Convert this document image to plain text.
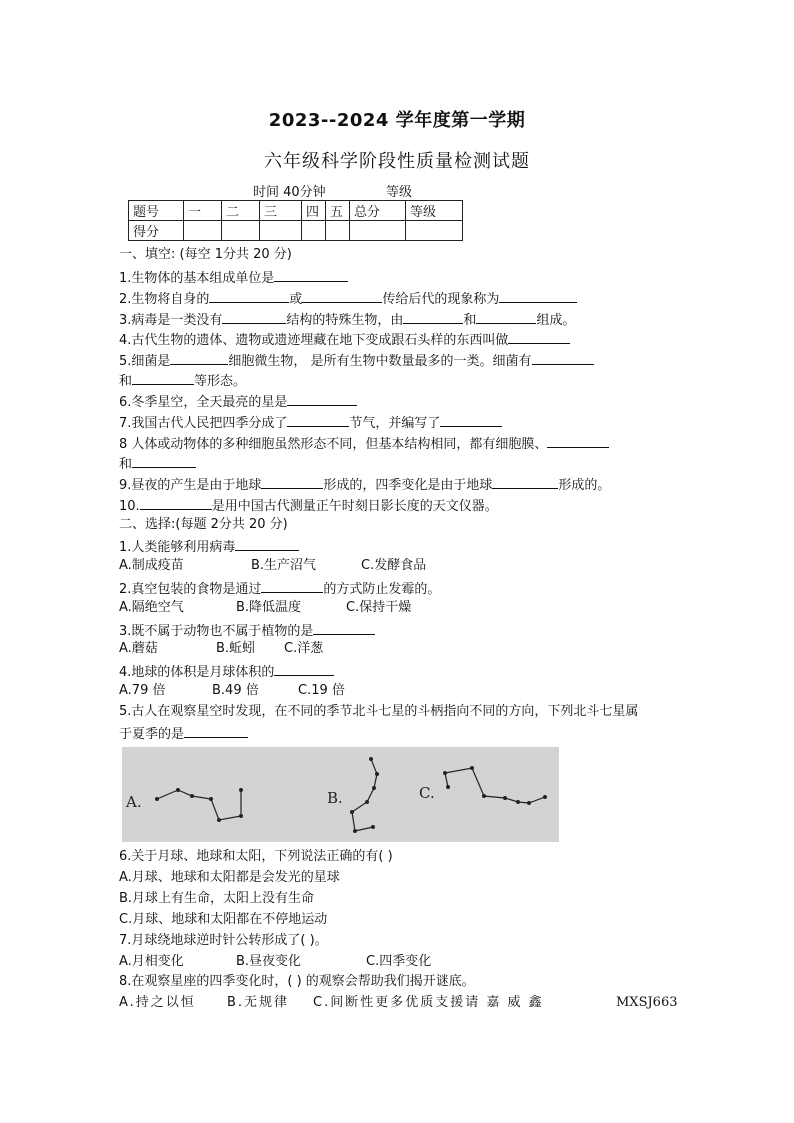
2023--2024 学年度第一学期
六年级科学阶段性质量检测试题
时间 40分钟	等级
题号	一	二	三	四	五	总分	等级
得分							
一、填空: (每空 1分共 20 分)
1.生物体的基本组成单位是
2.生物将自身的	或	传给后代的现象称为
3.病毒是一类没有	结构的特殊生物，由	和	组成。
4.古代生物的遗体、遗物或遗迹埋藏在地下变成跟石头样的东西叫做
5.细菌是	细胞微生物， 是所有生物中数量最多的一类。细菌有
和	等形态。
6.冬季星空，全天最亮的星是
7.我国古代人民把四季分成了	节气，并编写了
8 人体或动物体的多种细胞虽然形态不同，但基本结构相同，都有细胞膜、
和
9.昼夜的产生是由于地球	形成的，四季变化是由于地球	形成的。
10.	是用中国古代测量正午时刻日影长度的天文仪器。
二、选择:(每题 2分共 20 分)
1.人类能够利用病毒
A.制成疫苗	B.生产沼气	C.发酵食品
2.真空包装的食物是通过	的方式防止发霉的。
A.隔绝空气	B.降低温度	C.保持干燥
3.既不属于动物也不属于植物的是
A.蘑菇	B.蚯蚓 C.洋葱
4.地球的体积是月球体积的
A.79 倍	B.49 倍	C.19 倍
5.古人在观察星空时发现，在不同的季节北斗七星的斗柄指向不同的方向，下列北斗七星属
于夏季的是
A.	B.	C.
6.关于月球、地球和太阳，下列说法正确的有( )
A.月球、地球和太阳都是会发光的星球
B.月球上有生命，太阳上没有生命
C.月球、地球和太阳都在不停地运动
7.月球绕地球逆时针公转形成了( )。
A.月相变化	B.昼夜变化	C.四季变化
8.在观察星座的四季变化时，( ) 的观察会帮助我们揭开谜底。
A.持之以恒 B.无规律 C.间断性更多优质支援请 嘉 威 鑫	MXSJ663
